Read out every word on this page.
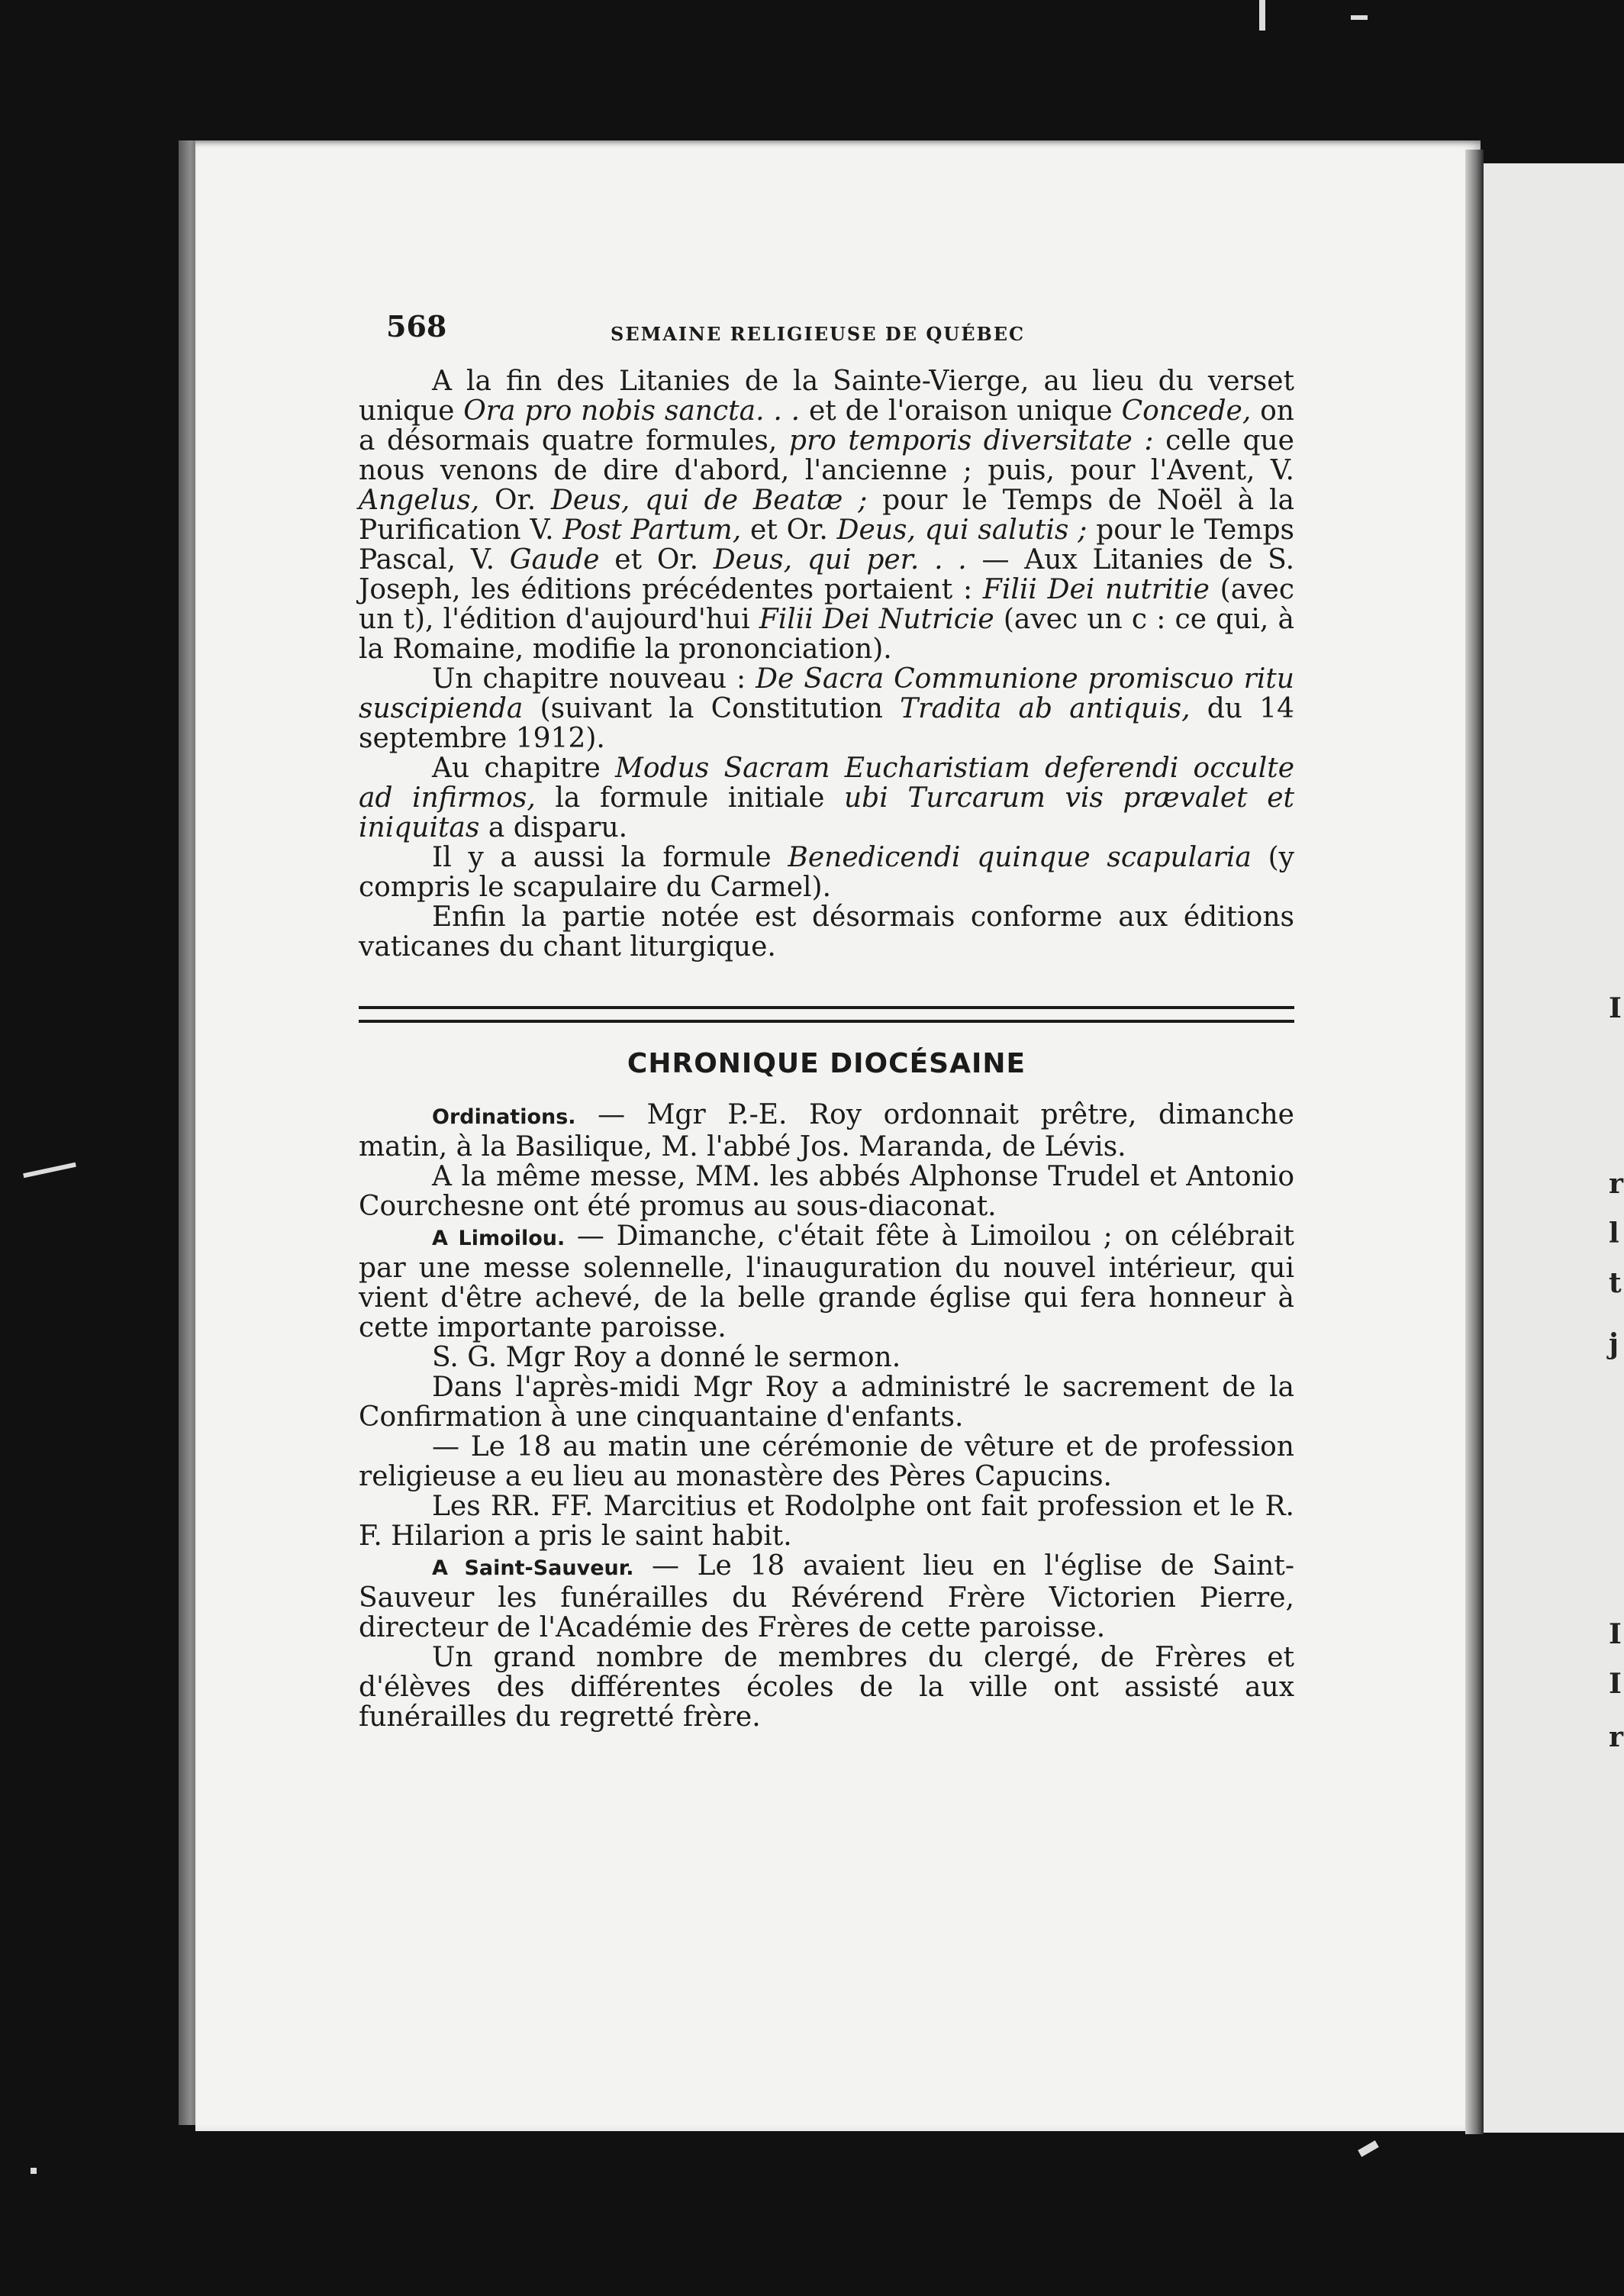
I
r
l
t
j
I
I
r
568	SEMAINE RELIGIEUSE DE QUÉBEC

A la fin des Litanies de la Sainte-Vierge, au lieu du verset unique Ora pro nobis sancta. . . et de l'oraison unique Concede, on a désormais quatre formules, pro temporis diversitate : celle que nous venons de dire d'abord, l'ancienne ; puis, pour l'Avent, V. Angelus, Or. Deus, qui de Beatæ ; pour le Temps de Noël à la Purification V. Post Partum, et Or. Deus, qui salutis ; pour le Temps Pascal, V. Gaude et Or. Deus, qui per. . . — Aux Litanies de S. Joseph, les éditions précédentes portaient : Filii Dei nutritie (avec un t), l'édition d'aujourd'hui Filii Dei Nutricie (avec un c : ce qui, à la Romaine, modifie la prononciation).

Un chapitre nouveau : De Sacra Communione promiscuo ritu suscipienda (suivant la Constitution Tradita ab antiquis, du 14 septembre 1912).

Au chapitre Modus Sacram Eucharistiam deferendi occulte ad infirmos, la formule initiale ubi Turcarum vis prævalet et iniquitas a disparu.

Il y a aussi la formule Benedicendi quinque scapularia (y compris le scapulaire du Carmel).

Enfin la partie notée est désormais conforme aux éditions vaticanes du chant liturgique.

CHRONIQUE DIOCÉSAINE

Ordinations. — Mgr P.-E. Roy ordonnait prêtre, dimanche matin, à la Basilique, M. l'abbé Jos. Maranda, de Lévis.

A la même messe, MM. les abbés Alphonse Trudel et Antonio Courchesne ont été promus au sous-diaconat.

A Limoilou. — Dimanche, c'était fête à Limoilou ; on célébrait par une messe solennelle, l'inauguration du nouvel intérieur, qui vient d'être achevé, de la belle grande église qui fera honneur à cette importante paroisse.

S. G. Mgr Roy a donné le sermon.

Dans l'après-midi Mgr Roy a administré le sacrement de la Confirmation à une cinquantaine d'enfants.

— Le 18 au matin une cérémonie de vêture et de profession religieuse a eu lieu au monastère des Pères Capucins.

Les RR. FF. Marcitius et Rodolphe ont fait profession et le R. F. Hilarion a pris le saint habit.

A Saint-Sauveur. — Le 18 avaient lieu en l'église de Saint-Sauveur les funérailles du Révérend Frère Victorien Pierre, directeur de l'Académie des Frères de cette paroisse.

Un grand nombre de membres du clergé, de Frères et d'élèves des différentes écoles de la ville ont assisté aux funérailles du regretté frère.
